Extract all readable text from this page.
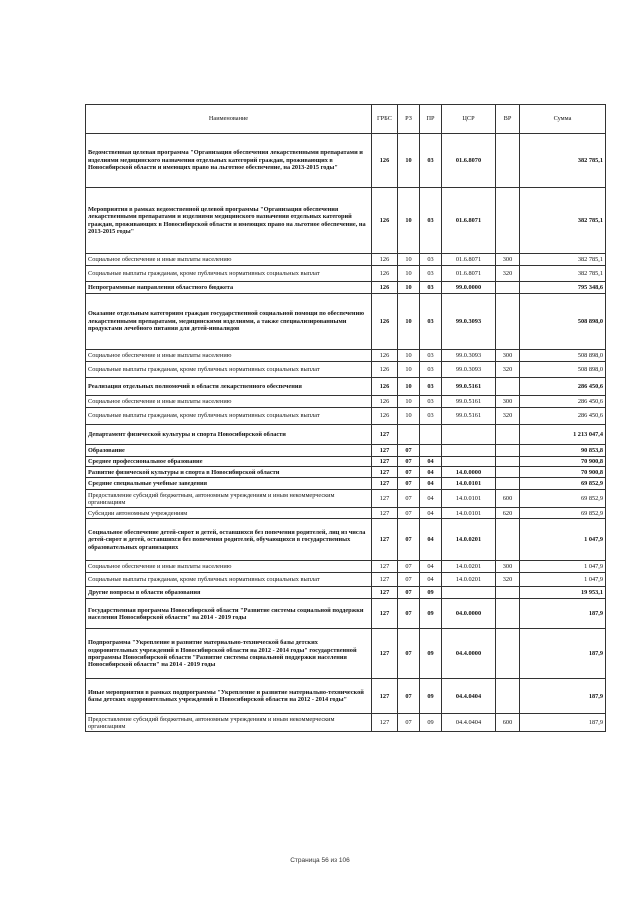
Наименование	ГРБС	РЗ	ПР	ЦСР	ВР	Сумма
Ведомственная целевая программа "Организация обеспечения лекарственными препаратами и изделиями медицинского назначения отдельных категорий граждан, проживающих в Новосибирской области и имеющих право на льготное обеспечение, на 2013-2015 годы"	126	10	03	01.6.8070		382 785,1
Мероприятия в рамках ведомственной целевой программы "Организация обеспечения лекарственными препаратами и изделиями медицинского назначения отдельных категорий граждан, проживающих в Новосибирской области и имеющих право на льготное обеспечение, на 2013-2015 годы"	126	10	03	01.6.8071		382 785,1
Социальное обеспечение и иные выплаты населению	126	10	03	01.6.8071	300	382 785,1
Социальные выплаты гражданам, кроме публичных нормативных социальных выплат	126	10	03	01.6.8071	320	382 785,1
Непрограммные направления областного бюджета	126	10	03	99.0.0000		795 348,6
Оказание отдельным категориям граждан государственной социальной помощи по обеспечению лекарственными препаратами, медицинскими изделиями, а также специализированными продуктами лечебного питания для детей-инвалидов	126	10	03	99.0.3093		508 898,0
Социальное обеспечение и иные выплаты населению	126	10	03	99.0.3093	300	508 898,0
Социальные выплаты гражданам, кроме публичных нормативных социальных выплат	126	10	03	99.0.3093	320	508 898,0
Реализация отдельных полномочий в области лекарственного обеспечения	126	10	03	99.0.5161		286 450,6
Социальное обеспечение и иные выплаты населению	126	10	03	99.0.5161	300	286 450,6
Социальные выплаты гражданам, кроме публичных нормативных социальных выплат	126	10	03	99.0.5161	320	286 450,6
Департамент физической культуры и спорта Новосибирской области	127					1 213 047,4
Образование	127	07				90 853,8
Среднее профессиональное образование	127	07	04			70 900,8
Развитие физической культуры и спорта в Новосибирской области	127	07	04	14.0.0000		70 900,8
Средние специальные учебные заведения	127	07	04	14.0.0101		69 852,9
Предоставление субсидий бюджетным, автономным учреждениям и иным некоммерческим организациям	127	07	04	14.0.0101	600	69 852,9
Субсидии автономным учреждениям	127	07	04	14.0.0101	620	69 852,9
Социальное обеспечение детей-сирот и детей, оставшихся без попечения родителей, лиц из числа детей-сирот и детей, оставшихся без попечения родителей, обучающихся в государственных образовательных организациях	127	07	04	14.0.0201		1 047,9
Социальное обеспечение и иные выплаты населению	127	07	04	14.0.0201	300	1 047,9
Социальные выплаты гражданам, кроме публичных нормативных социальных выплат	127	07	04	14.0.0201	320	1 047,9
Другие вопросы в области образования	127	07	09			19 953,1
Государственная программа Новосибирской области "Развитие системы социальной поддержки населения Новосибирской области" на 2014 - 2019 годы	127	07	09	04.0.0000		187,9
Подпрограмма "Укрепление и развитие материально-технической базы детских оздоровительных учреждений в Новосибирской области на 2012 - 2014 годы" государственной программы Новосибирской области "Развитие системы социальной поддержки населения Новосибирской области" на 2014 - 2019 годы	127	07	09	04.4.0000		187,9
Иные мероприятия в рамках подпрограммы "Укрепление и развитие материально-технической базы детских оздоровительных учреждений в Новосибирской области на 2012 - 2014 годы"	127	07	09	04.4.0404		187,9
Предоставление субсидий бюджетным, автономным учреждениям и иным некоммерческим организациям	127	07	09	04.4.0404	600	187,9
Страница 56 из 106
